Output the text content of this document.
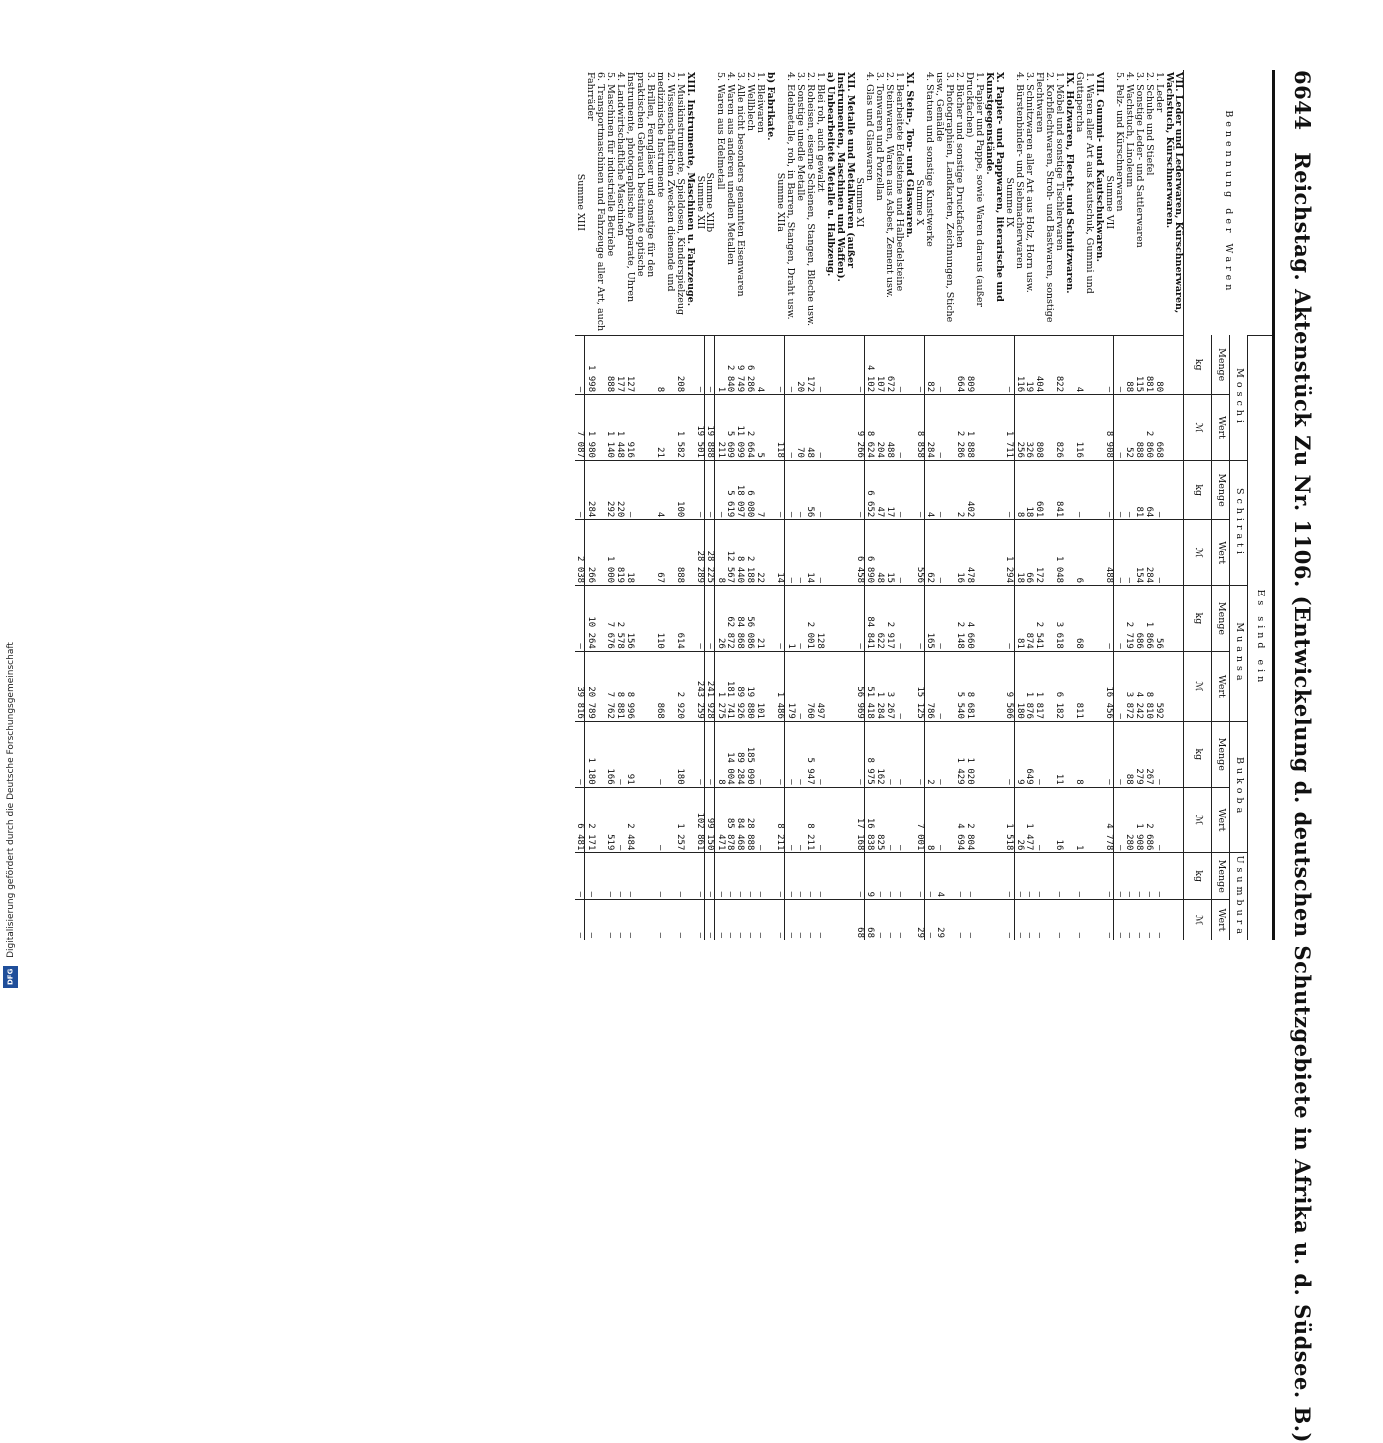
Digitalisierung gefördert durch die Deutsche Forschungsgemeinschaft
DFG
6644 Reichstag. Aktenstück Zu Nr. 1106. (Entwickelung d. deutschen Schutzgebiete in Afrika u. d. Südsee. B.)
Benennung der Waren	Es sind ein									
	Moschi		Schirati		Muansa		Bukoba		Usumbura	
	Menge	Wert	Menge	Wert	Menge	Wert	Menge	Wert	Menge	Wert
	kg	ℳ	kg	ℳ	kg	ℳ	kg	ℳ	kg	ℳ
VII. Leder und Lederwaren, Kürschnerwaren, Wachstuch, Kürschnerwaren.										
1. Leder	80	668	—	—	56	592	—	—	—	—
2. Schuhe und Stiefel	881	2 860	64	284	1 866	8 810	267	2 686	—	—
3. Sonstige Leder- und Sattlerwaren	115	888	81	154	686	4 242	279	1 908	—	—
4. Wachstuch, Linoleum	88	52	—	—	2 719	3 872	88	280	—	—
5. Pelz- und Kürschnerwaren	—	—	—	—	—	—	—	—	—	—
Summe VII	—	8 908	—	488	—	16 456	—	4 778	—	—
VIII. Gummi- und Kautschukwaren.										
1. Waren aller Art aus Kautschuk, Gummi und Guttapercha	4	116	—	6	68	811	8	1	—	—
IX. Holzwaren, Flecht- und Schnitzwaren.										
1. Möbel und sonstige Tischlerwaren	822	826	841	1 048	3 618	6 182	11	16	—	—
2. Korbflechtwaren, Stroh- und Bastwaren, sonstige Flechtwaren	404	808	601	172	2 541	1 817	—	—	—	—
3. Schnitzwaren aller Art aus Holz, Horn usw.	19	326	18	66	874	1 876	649	1 477	—	—
4. Bürstenbinder- und Siebmacherwaren	116	256	8	18	81	180	9	26	—	—
Summe IX	—	1 711	—	1 294	—	9 506	—	1 518	—	—
X. Papier- und Pappwaren, literarische und Kunstgegenstände.										
1. Papier und Pappe, sowie Waren daraus (außer Druckfachen)	809	1 888	402	478	4 660	8 681	1 020	2 804	—	—
2. Bücher und sonstige Druckfachen	664	2 286	2	16	2 148	5 540	1 429	4 694	—	—
3. Photographien, Landkarten, Zeichnungen, Stiche usw., Gemälde	—	—	—	—	—	—	—	—	4	29
4. Statuen und sonstige Kunstwerke	82	284	4	62	165	786	2	8	—	—
Summe X	—	8 858	—	556	—	15 125	—	7 001	—	29
XI. Stein-, Ton- und Glaswaren.										
1. Bearbeitete Edelsteine und Halbedelsteine	—	—	—	—	—	—	—	—	—	—
2. Steinwaren, Waren aus Asbest, Zement usw.	672	488	17	15	2 917	3 267	—	—	—	—
3. Tonwaren und Porzellan	107	204	47	48	622	1 284	162	825	—	—
4. Glas und Glaswaren	4 102	8 624	6 652	6 890	84 841	51 418	8 975	16 838	9	68
Summe XI	—	9 266	—	6 458	—	56 969	—	17 168	—	68
XII. Metalle und Metallwaren (außer Instrumenten, Maschinen und Waffen).										
a) Unbearbeitete Metalle u. Halbzeug.										
1. Blei roh, auch gewalzt	—	—	—	—	128	497	—	—	—	—
2. Roheisen, eiserne Schienen, Stangen, Bleche usw.	172	48	56	14	2 001	760	5 947	8 211	—	—
3. Sonstige unedle Metalle	20	70	—	—	—	—	—	—	—	—
4. Edelmetalle, roh, in Barren, Stangen, Draht usw.	—	—	—	—	1	179	—	—	—	—
Summe XIIa	—	118	—	14	—	1 486	—	8 211	—	—
b) Fabrikate.										
1. Bleiwaren	4	5	7	22	21	101	—	—	—	—
2. Wellblech	6 286	2 664	6 080	2 188	56 086	19 880	185 090	28 888	—	—
3. Alle nicht besonders genannten Eisenwaren	9 749	11 099	18 097	8 440	84 868	89 926	89 284	84 468	—	—
4. Waren aus anderen unedlen Metallen	2 840	5 609	5 619	12 567	62 872	181 741	14 004	85 878	—	—
5. Waren aus Edelmetall	1	211	—	8	26	1 275	8	471	—	—
Summe XIIb	—	19 888	—	28 225	—	241 928	—	99 150	—	—
Summe XII	—	19 501	—	28 289	—	243 259	—	102 861	—	—
XIII. Instrumente, Maschinen u. Fahrzeuge.										
1. Musikinstrumente, Spieldosen, Kinderspielzeug	208	1 582	100	888	614	2 920	180	1 257	—	—
2. Wissenschaftlichen Zwecken dienende und medizinische Instrumente	8	21	4	67	110	868	—	—	—	—
3. Brillen, Ferngläser und sonstige für den praktischen Gebrauch bestimmte optische Instrumente, photographische Apparate, Uhren	127	916	—	18	156	8 996	91	2 484	—	—
4. Landwirtschaftliche Maschinen	177	1 448	220	819	2 578	8 881	—	—	—	—
5. Maschinen für industrielle Betriebe	888	1 140	292	1 000	7 676	7 762	166	519	—	—
6. Transportmaschinen und Fahrzeuge aller Art, auch Fahrräder	1 998	1 980	284	266	10 264	20 789	1 180	2 171	—	—
Summe XIII	—	7 087	—	2 038	—	39 816	—	6 481	—	—
